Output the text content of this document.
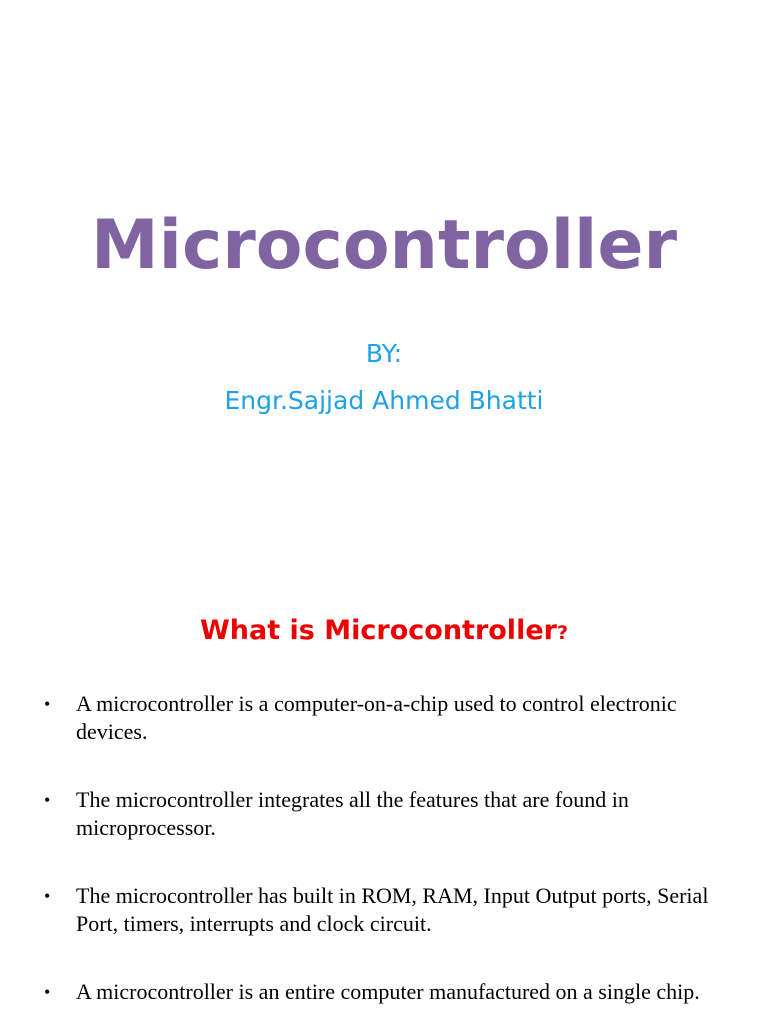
Microcontroller
BY:
Engr.Sajjad Ahmed Bhatti
What is Microcontroller?
• A microcontroller is a computer-on-a-chip used to control electronic devices.
• The microcontroller integrates all the features that are found in microprocessor.
• The microcontroller has built in ROM, RAM, Input Output ports, Serial Port, timers, interrupts and clock circuit.
• A microcontroller is an entire computer manufactured on a single chip.
